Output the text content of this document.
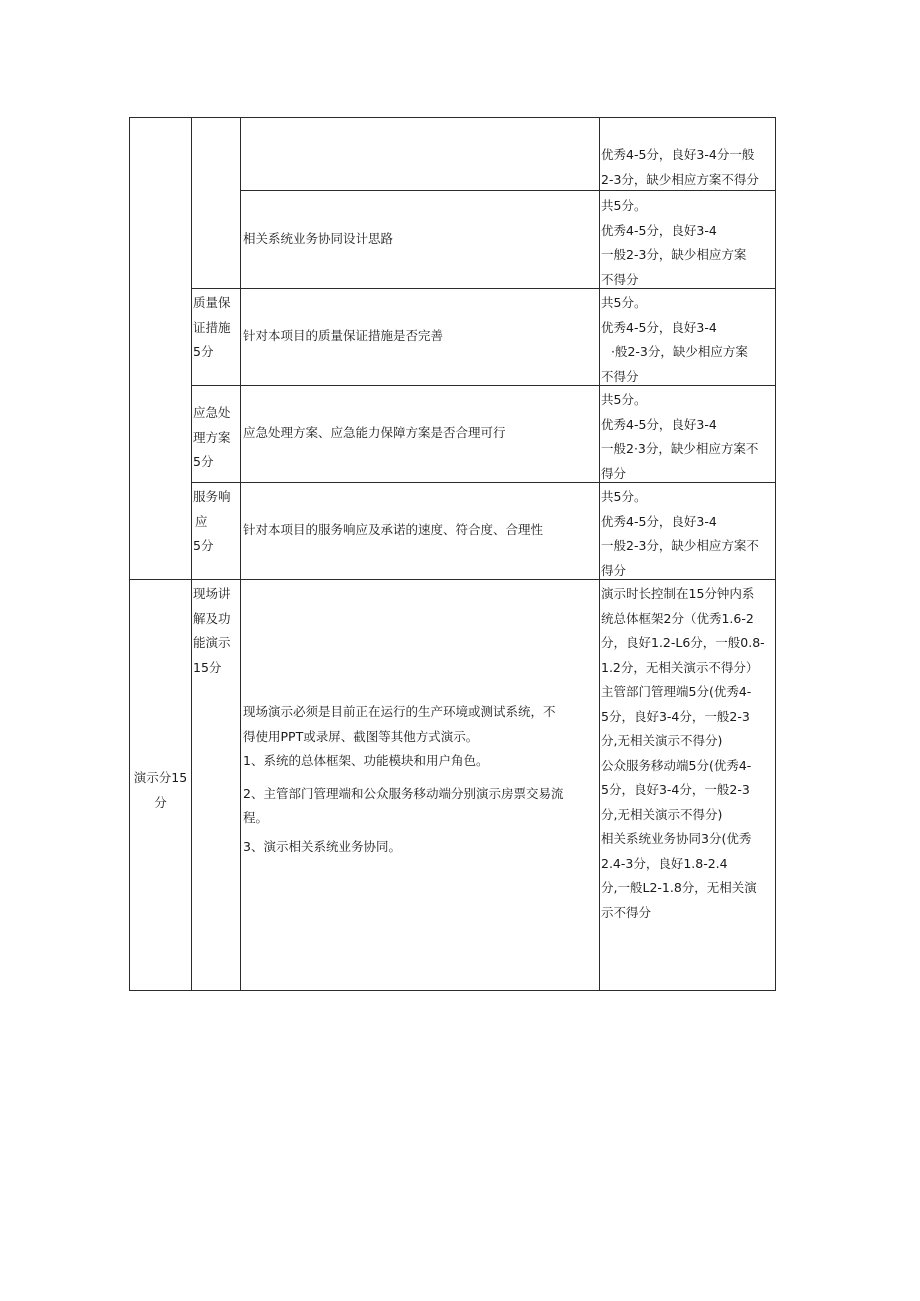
优秀4-5分，良好3-4分一般

2-3分，缺少相应方案不得分

相关系统业务协同设计思路

共5分。

优秀4-5分，良好3-4

一般2-3分，缺少相应方案

不得分

质量保

证措施

5分

针对本项目的质量保证措施是否完善

共5分。

优秀4-5分，良好3-4

·般2-3分，缺少相应方案

不得分

应急处

理方案

5分

应急处理方案、应急能力保障方案是否合理可行

共5分。

优秀4-5分，良好3-4

一般2·3分，缺少相应方案不

得分

服务响

应

5分

针对本项目的服务响应及承诺的速度、符合度、合理性

共5分。

优秀4-5分，良好3-4

一般2-3分，缺少相应方案不

得分

演示分15

分

现场讲

解及功

能演示

15分

现场演示必须是目前正在运行的生产环境或测试系统，不

得使用PPT或录屏、截图等其他方式演示。

1、系统的总体框架、功能模块和用户角色。

2、主管部门管理端和公众服务移动端分别演示房票交易流

程。

3、演示相关系统业务协同。

演示时长控制在15分钟内系

统总体框架2分（优秀1.6-2

分，良好1.2-L6分，一般0.8-

1.2分，无相关演示不得分）

主管部门管理端5分(优秀4-

5分，良好3-4分，一般2-3

分,无相关演示不得分)

公众服务移动端5分(优秀4-

5分，良好3-4分，一般2-3

分,无相关演示不得分)

相关系统业务协同3分(优秀

2.4-3分，良好1.8-2.4

分,一般L2-1.8分，无相关演

示不得分
